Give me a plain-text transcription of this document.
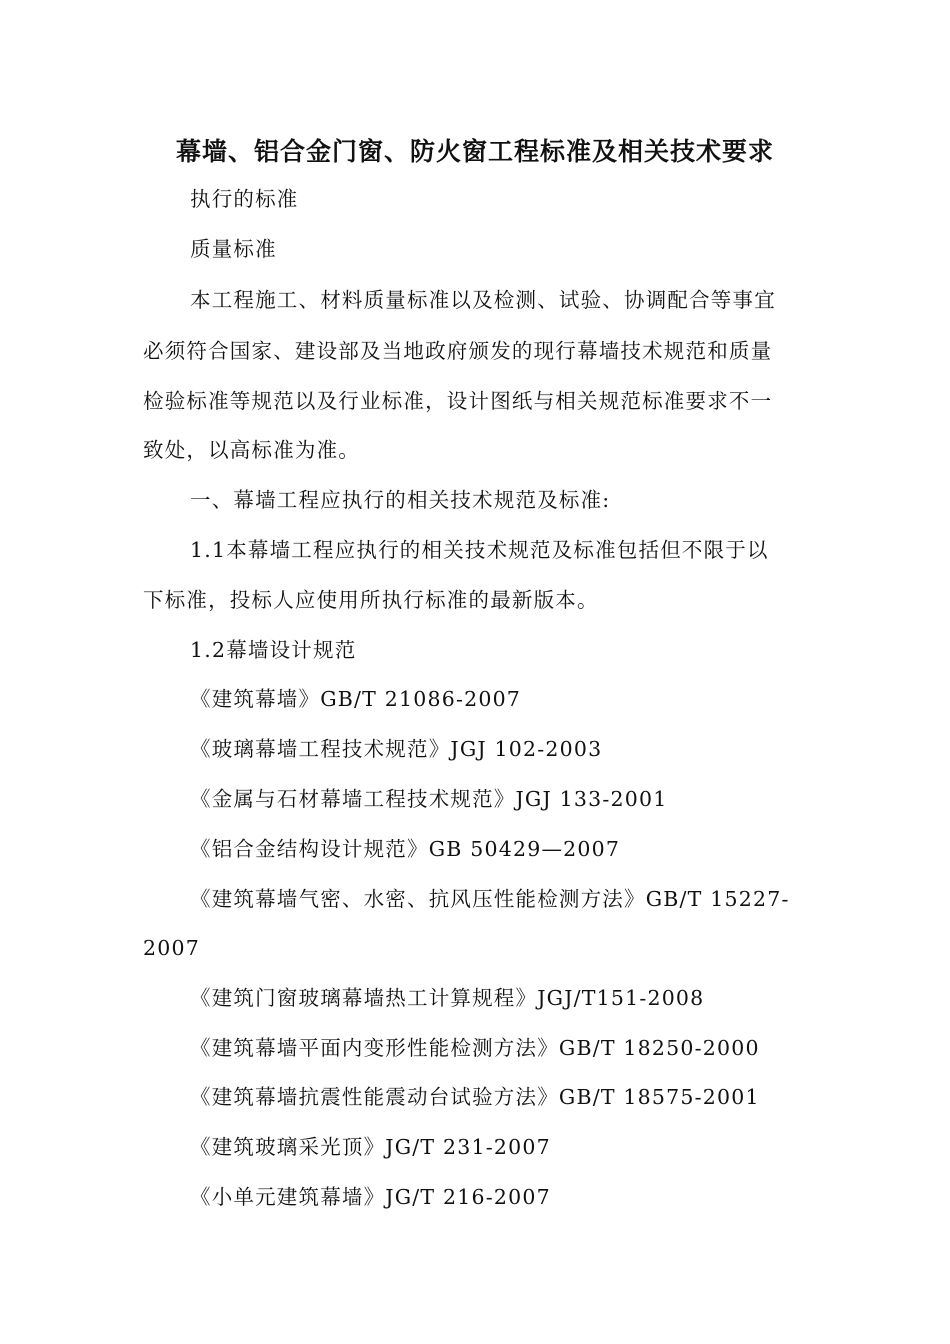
幕墙、铝合金门窗、防火窗工程标准及相关技术要求
执行的标准
质量标准
本工程施工、材料质量标准以及检测、试验、协调配合等事宜
必须符合国家、建设部及当地政府颁发的现行幕墙技术规范和质量
检验标准等规范以及行业标准，设计图纸与相关规范标准要求不一
致处，以高标准为准。
一、幕墙工程应执行的相关技术规范及标准:
1.1本幕墙工程应执行的相关技术规范及标准包括但不限于以
下标准，投标人应使用所执行标准的最新版本。
1.2幕墙设计规范
《建筑幕墙》GB/T 21086-2007
《玻璃幕墙工程技术规范》JGJ 102-2003
《金属与石材幕墙工程技术规范》JGJ 133-2001
《铝合金结构设计规范》GB 50429—2007
《建筑幕墙气密、水密、抗风压性能检测方法》GB/T 15227-
2007
《建筑门窗玻璃幕墙热工计算规程》JGJ/T151-2008
《建筑幕墙平面内变形性能检测方法》GB/T 18250-2000
《建筑幕墙抗震性能震动台试验方法》GB/T 18575-2001
《建筑玻璃采光顶》JG/T 231-2007
《小单元建筑幕墙》JG/T 216-2007
